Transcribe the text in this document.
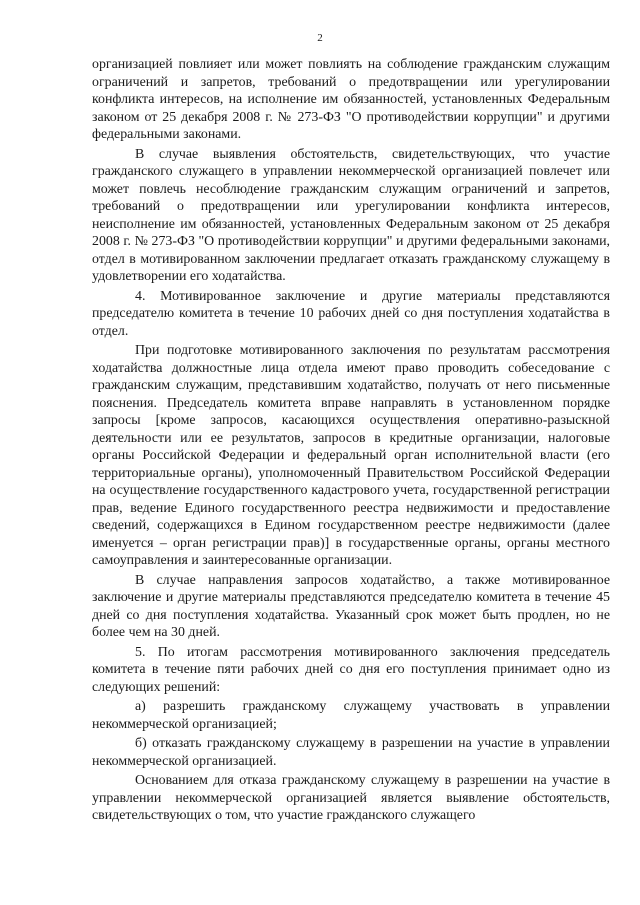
2

организацией повлияет или может повлиять на соблюдение гражданским служащим ограничений и запретов, требований о предотвращении или урегулировании конфликта интересов, на исполнение им обязанностей, установленных Федеральным законом от 25 декабря 2008 г. № 273-ФЗ "О противодействии коррупции" и другими федеральными законами.

В случае выявления обстоятельств, свидетельствующих, что участие гражданского служащего в управлении некоммерческой организацией повлечет или может повлечь несоблюдение гражданским служащим ограничений и запретов, требований о предотвращении или урегулировании конфликта интересов, неисполнение им обязанностей, установленных Федеральным законом от 25 декабря 2008 г. № 273-ФЗ "О противодействии коррупции" и другими федеральными законами, отдел в мотивированном заключении предлагает отказать гражданскому служащему в удовлетворении его ходатайства.

4. Мотивированное заключение и другие материалы представляются председателю комитета в течение 10 рабочих дней со дня поступления ходатайства в отдел.

При подготовке мотивированного заключения по результатам рассмотрения ходатайства должностные лица отдела имеют право проводить собеседование с гражданским служащим, представившим ходатайство, получать от него письменные пояснения. Председатель комитета вправе направлять в установленном порядке запросы [кроме запросов, касающихся осуществления оперативно-разыскной деятельности или ее результатов, запросов в кредитные организации, налоговые органы Российской Федерации и федеральный орган исполнительной власти (его территориальные органы), уполномоченный Правительством Российской Федерации на осуществление государственного кадастрового учета, государственной регистрации прав, ведение Единого государственного реестра недвижимости и предоставление сведений, содержащихся в Едином государственном реестре недвижимости (далее именуется – орган регистрации прав)] в государственные органы, органы местного самоуправления и заинтересованные организации.

В случае направления запросов ходатайство, а также мотивированное заключение и другие материалы представляются председателю комитета в течение 45 дней со дня поступления ходатайства. Указанный срок может быть продлен, но не более чем на 30 дней.

5. По итогам рассмотрения мотивированного заключения председатель комитета в течение пяти рабочих дней со дня его поступления принимает одно из следующих решений:

а) разрешить гражданскому служащему участвовать в управлении некоммерческой организацией;

б) отказать гражданскому служащему в разрешении на участие в управлении некоммерческой организацией.

Основанием для отказа гражданскому служащему в разрешении на участие в управлении некоммерческой организацией является выявление обстоятельств, свидетельствующих о том, что участие гражданского служащего
